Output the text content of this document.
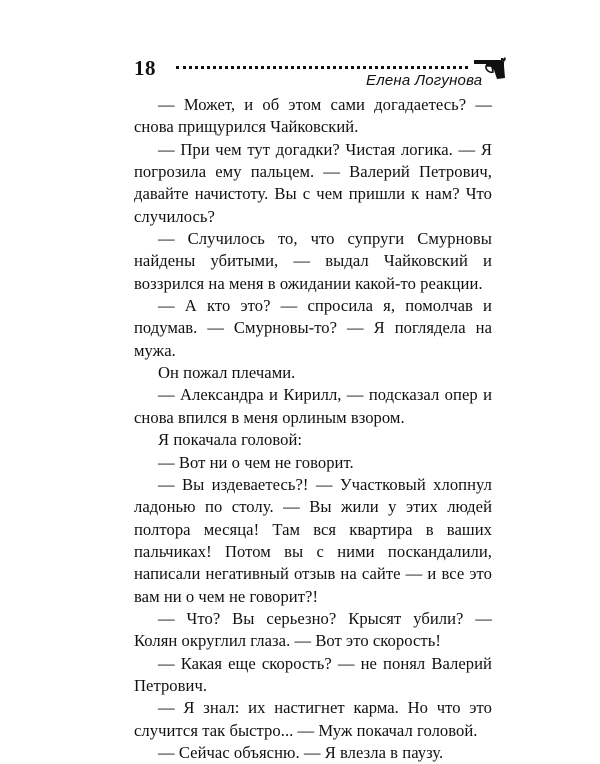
18
Елена Логунова

— Может, и об этом сами догадаетесь? — снова прищурился Чайковский.

— При чем тут догадки? Чистая логика. — Я погрозила ему пальцем. — Валерий Петрович, давайте начистоту. Вы с чем пришли к нам? Что случилось?

— Случилось то, что супруги Смурновы найдены убитыми, — выдал Чайковский и воззрился на меня в ожидании какой-то реакции.

— А кто это? — спросила я, помолчав и подумав. — Смурновы-то? — Я поглядела на мужа.

Он пожал плечами.

— Александра и Кирилл, — подсказал опер и снова впился в меня орлиным взором.

Я покачала головой:

— Вот ни о чем не говорит.

— Вы издеваетесь?! — Участковый хлопнул ладонью по столу. — Вы жили у этих людей полтора месяца! Там вся квартира в ваших пальчиках! Потом вы с ними поскандалили, написали негативный отзыв на сайте — и все это вам ни о чем не говорит?!

— Что? Вы серьезно? Крысят убили? — Колян округлил глаза. — Вот это скорость!

— Какая еще скорость? — не понял Валерий Петрович.

— Я знал: их настигнет карма. Но что это случится так быстро... — Муж покачал головой.

— Сейчас объясню. — Я влезла в паузу.
